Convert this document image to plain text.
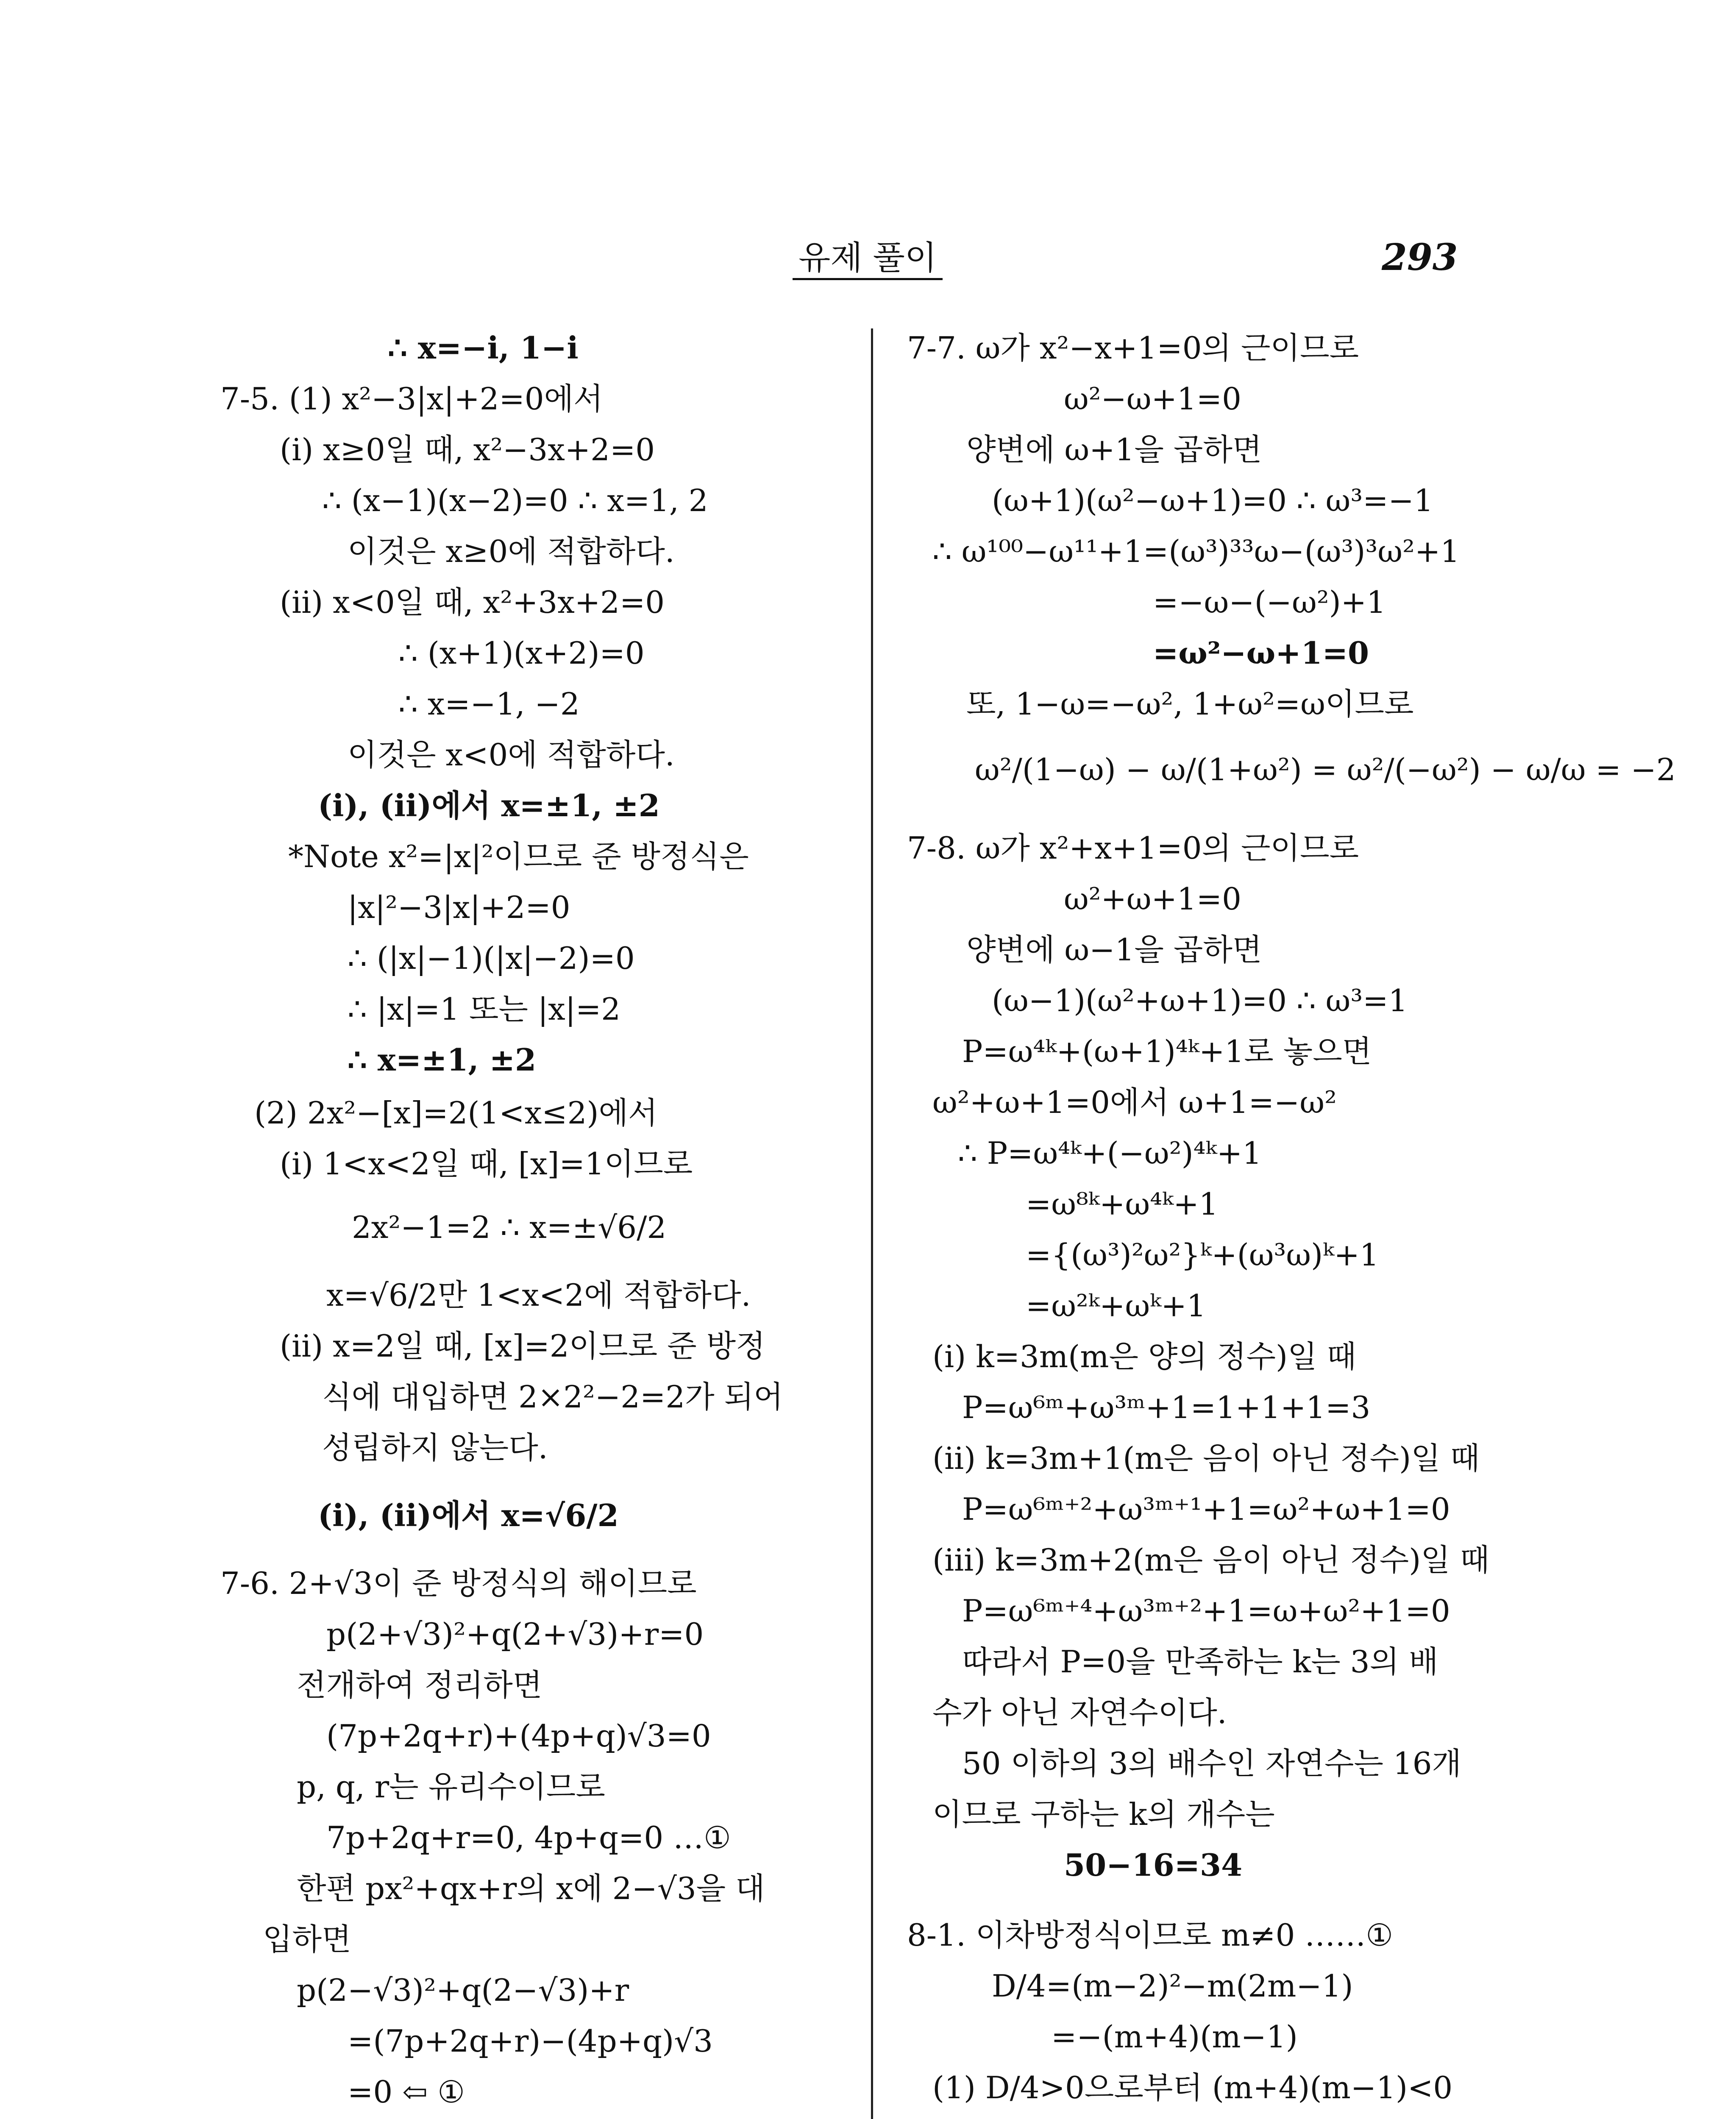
유제 풀이	293
∴ x=−i, 1−i
7-5. (1) x²−3|x|+2=0에서
(i) x≥0일 때, x²−3x+2=0
∴ (x−1)(x−2)=0 ∴ x=1, 2
이것은 x≥0에 적합하다.
(ii) x<0일 때, x²+3x+2=0
∴ (x+1)(x+2)=0
∴ x=−1, −2
이것은 x<0에 적합하다.
(i), (ii)에서 x=±1, ±2
*Note x²=|x|²이므로 준 방정식은
|x|²−3|x|+2=0
∴ (|x|−1)(|x|−2)=0
∴ |x|=1 또는 |x|=2
∴ x=±1, ±2
(2) 2x²−[x]=2(1<x≤2)에서
(i) 1<x<2일 때, [x]=1이므로
2x²−1=2 ∴ x=±√6/2
x=√6/2만 1<x<2에 적합하다.
(ii) x=2일 때, [x]=2이므로 준 방정
식에 대입하면 2×2²−2=2가 되어
성립하지 않는다.
(i), (ii)에서 x=√6/2
7-6. 2+√3이 준 방정식의 해이므로
p(2+√3)²+q(2+√3)+r=0
전개하여 정리하면
(7p+2q+r)+(4p+q)√3=0
p, q, r는 유리수이므로
7p+2q+r=0, 4p+q=0 …①
한편 px²+qx+r의 x에 2−√3을 대
입하면
p(2−√3)²+q(2−√3)+r
=(7p+2q+r)−(4p+q)√3
=0 ⇦ ①
7-7. ω가 x²−x+1=0의 근이므로
ω²−ω+1=0
양변에 ω+1을 곱하면
(ω+1)(ω²−ω+1)=0 ∴ ω³=−1
∴ ω¹⁰⁰−ω¹¹+1=(ω³)³³ω−(ω³)³ω²+1
=−ω−(−ω²)+1
=ω²−ω+1=0
또, 1−ω=−ω², 1+ω²=ω이므로
ω²/(1−ω) − ω/(1+ω²) = ω²/(−ω²) − ω/ω = −2
7-8. ω가 x²+x+1=0의 근이므로
ω²+ω+1=0
양변에 ω−1을 곱하면
(ω−1)(ω²+ω+1)=0 ∴ ω³=1
P=ω⁴ᵏ+(ω+1)⁴ᵏ+1로 놓으면
ω²+ω+1=0에서 ω+1=−ω²
∴ P=ω⁴ᵏ+(−ω²)⁴ᵏ+1
=ω⁸ᵏ+ω⁴ᵏ+1
={(ω³)²ω²}ᵏ+(ω³ω)ᵏ+1
=ω²ᵏ+ωᵏ+1
(i) k=3m(m은 양의 정수)일 때
P=ω⁶ᵐ+ω³ᵐ+1=1+1+1=3
(ii) k=3m+1(m은 음이 아닌 정수)일 때
P=ω⁶ᵐ⁺²+ω³ᵐ⁺¹+1=ω²+ω+1=0
(iii) k=3m+2(m은 음이 아닌 정수)일 때
P=ω⁶ᵐ⁺⁴+ω³ᵐ⁺²+1=ω+ω²+1=0
따라서 P=0을 만족하는 k는 3의 배
수가 아닌 자연수이다.
50 이하의 3의 배수인 자연수는 16개
이므로 구하는 k의 개수는
50−16=34
8-1. 이차방정식이므로 m≠0 ……①
D/4=(m−2)²−m(2m−1)
=−(m+4)(m−1)
(1) D/4>0으로부터 (m+4)(m−1)<0
